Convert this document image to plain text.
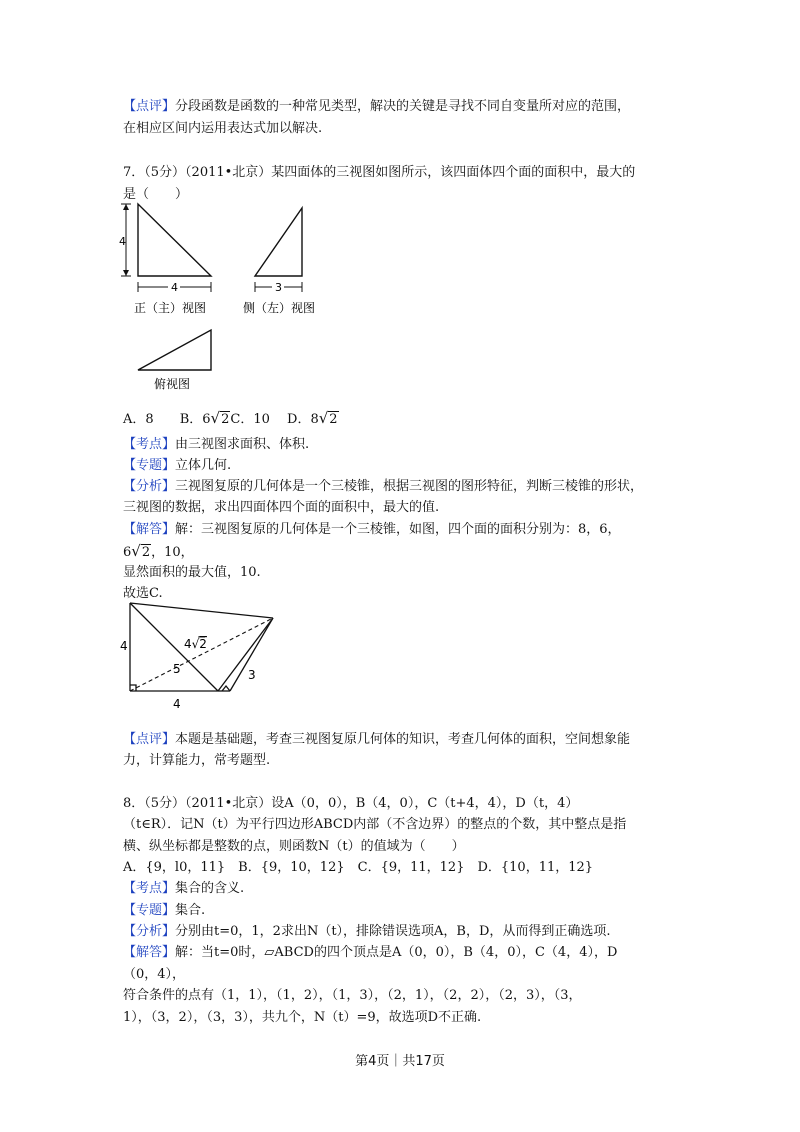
【点评】分段函数是函数的一种常见类型，解决的关键是寻找不同自变量所对应的范围，
在相应区间内运用表达式加以解决.
7．（5分）（2011•北京）某四面体的三视图如图所示，该四面体四个面的面积中，最大的
是（　　）
4
4
正（主）视图
3
侧（左）视图
俯视图
A．8　　 B．6√2C．10　 D．8√2
【考点】由三视图求面积、体积.
【专题】立体几何.
【分析】三视图复原的几何体是一个三棱锥，根据三视图的图形特征，判断三棱锥的形状，
三视图的数据，求出四面体四个面的面积中，最大的值.
【解答】解：三视图复原的几何体是一个三棱锥，如图，四个面的面积分别为：8，6，
6√2，10，
显然面积的最大值，10.
故选C.
4	4√2
5	3
4
【点评】本题是基础题，考查三视图复原几何体的知识，考查几何体的面积，空间想象能
力，计算能力，常考题型.
8．（5分）（2011•北京）设A（0，0），B（4，0），C（t+4，4），D（t，4）
（t∈R）．记N（t）为平行四边形ABCD内部（不含边界）的整点的个数，其中整点是指
横、纵坐标都是整数的点，则函数N（t）的值域为（　　）
A．{9，l0，11}　B．{9，10，12}　C．{9，11，12}　D．{10，11，12}
【考点】集合的含义.
【专题】集合.
【分析】分别由t=0，1，2求出N（t），排除错误选项A，B，D，从而得到正确选项.
【解答】解：当t=0时，▱ABCD的四个顶点是A（0，0），B（4，0），C（4，4），D
（0，4），
符合条件的点有（1，1），（1，2），（1，3），（2，1），（2，2），（2，3），（3，
1），（3，2），（3，3），共九个，N（t）=9，故选项D不正确.
第4页｜共17页
